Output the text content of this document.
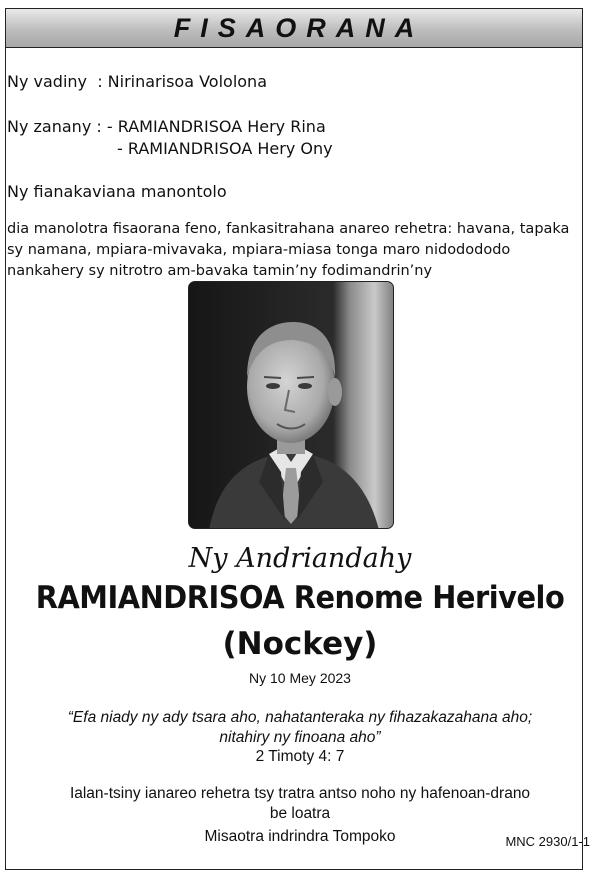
FISAORANA
Ny vadiny  : Nirinarisoa Vololona
Ny zanany : - RAMIANDRISOA Hery Rina
- RAMIANDRISOA Hery Ony
Ny fianakaviana manontolo
dia manolotra fisaorana feno, fankasitrahana anareo rehetra: havana, tapaka sy namana, mpiara-mivavaka, mpiara-miasa tonga maro nidodododo nankahery sy nitrotro am-bavaka tamin’ny fodimandrin’ny
Ny Andriandahy
RAMIANDRISOA Renome Herivelo
(Nockey)
Ny 10 Mey 2023
“Efa niady ny ady tsara aho, nahatanteraka ny fihazakazahana aho;
nitahiry ny finoana aho”
2 Timoty 4: 7
Ialan-tsiny ianareo rehetra tsy tratra antso noho ny hafenoan-drano
be loatra
Misaotra indrindra Tompoko	MNC 2930/1-1
